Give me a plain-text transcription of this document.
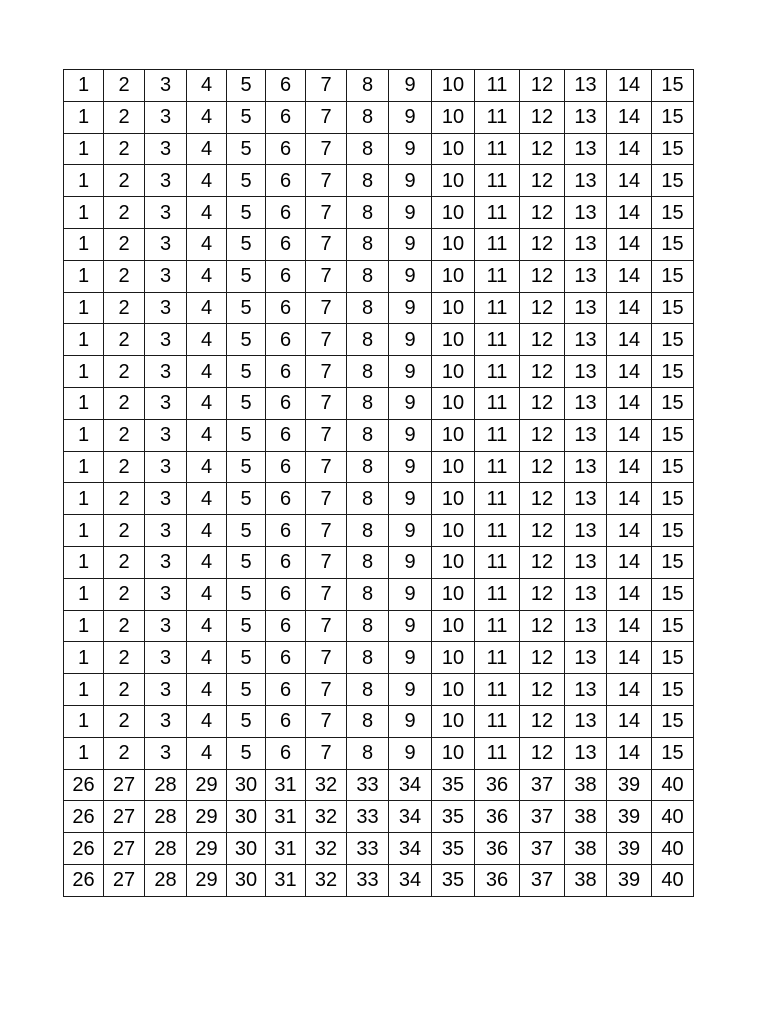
1	2	3	4	5	6	7	8	9	10	11	12	13	14	15
1	2	3	4	5	6	7	8	9	10	11	12	13	14	15
1	2	3	4	5	6	7	8	9	10	11	12	13	14	15
1	2	3	4	5	6	7	8	9	10	11	12	13	14	15
1	2	3	4	5	6	7	8	9	10	11	12	13	14	15
1	2	3	4	5	6	7	8	9	10	11	12	13	14	15
1	2	3	4	5	6	7	8	9	10	11	12	13	14	15
1	2	3	4	5	6	7	8	9	10	11	12	13	14	15
1	2	3	4	5	6	7	8	9	10	11	12	13	14	15
1	2	3	4	5	6	7	8	9	10	11	12	13	14	15
1	2	3	4	5	6	7	8	9	10	11	12	13	14	15
1	2	3	4	5	6	7	8	9	10	11	12	13	14	15
1	2	3	4	5	6	7	8	9	10	11	12	13	14	15
1	2	3	4	5	6	7	8	9	10	11	12	13	14	15
1	2	3	4	5	6	7	8	9	10	11	12	13	14	15
1	2	3	4	5	6	7	8	9	10	11	12	13	14	15
1	2	3	4	5	6	7	8	9	10	11	12	13	14	15
1	2	3	4	5	6	7	8	9	10	11	12	13	14	15
1	2	3	4	5	6	7	8	9	10	11	12	13	14	15
1	2	3	4	5	6	7	8	9	10	11	12	13	14	15
1	2	3	4	5	6	7	8	9	10	11	12	13	14	15
1	2	3	4	5	6	7	8	9	10	11	12	13	14	15
26	27	28	29	30	31	32	33	34	35	36	37	38	39	40
26	27	28	29	30	31	32	33	34	35	36	37	38	39	40
26	27	28	29	30	31	32	33	34	35	36	37	38	39	40
26	27	28	29	30	31	32	33	34	35	36	37	38	39	40
